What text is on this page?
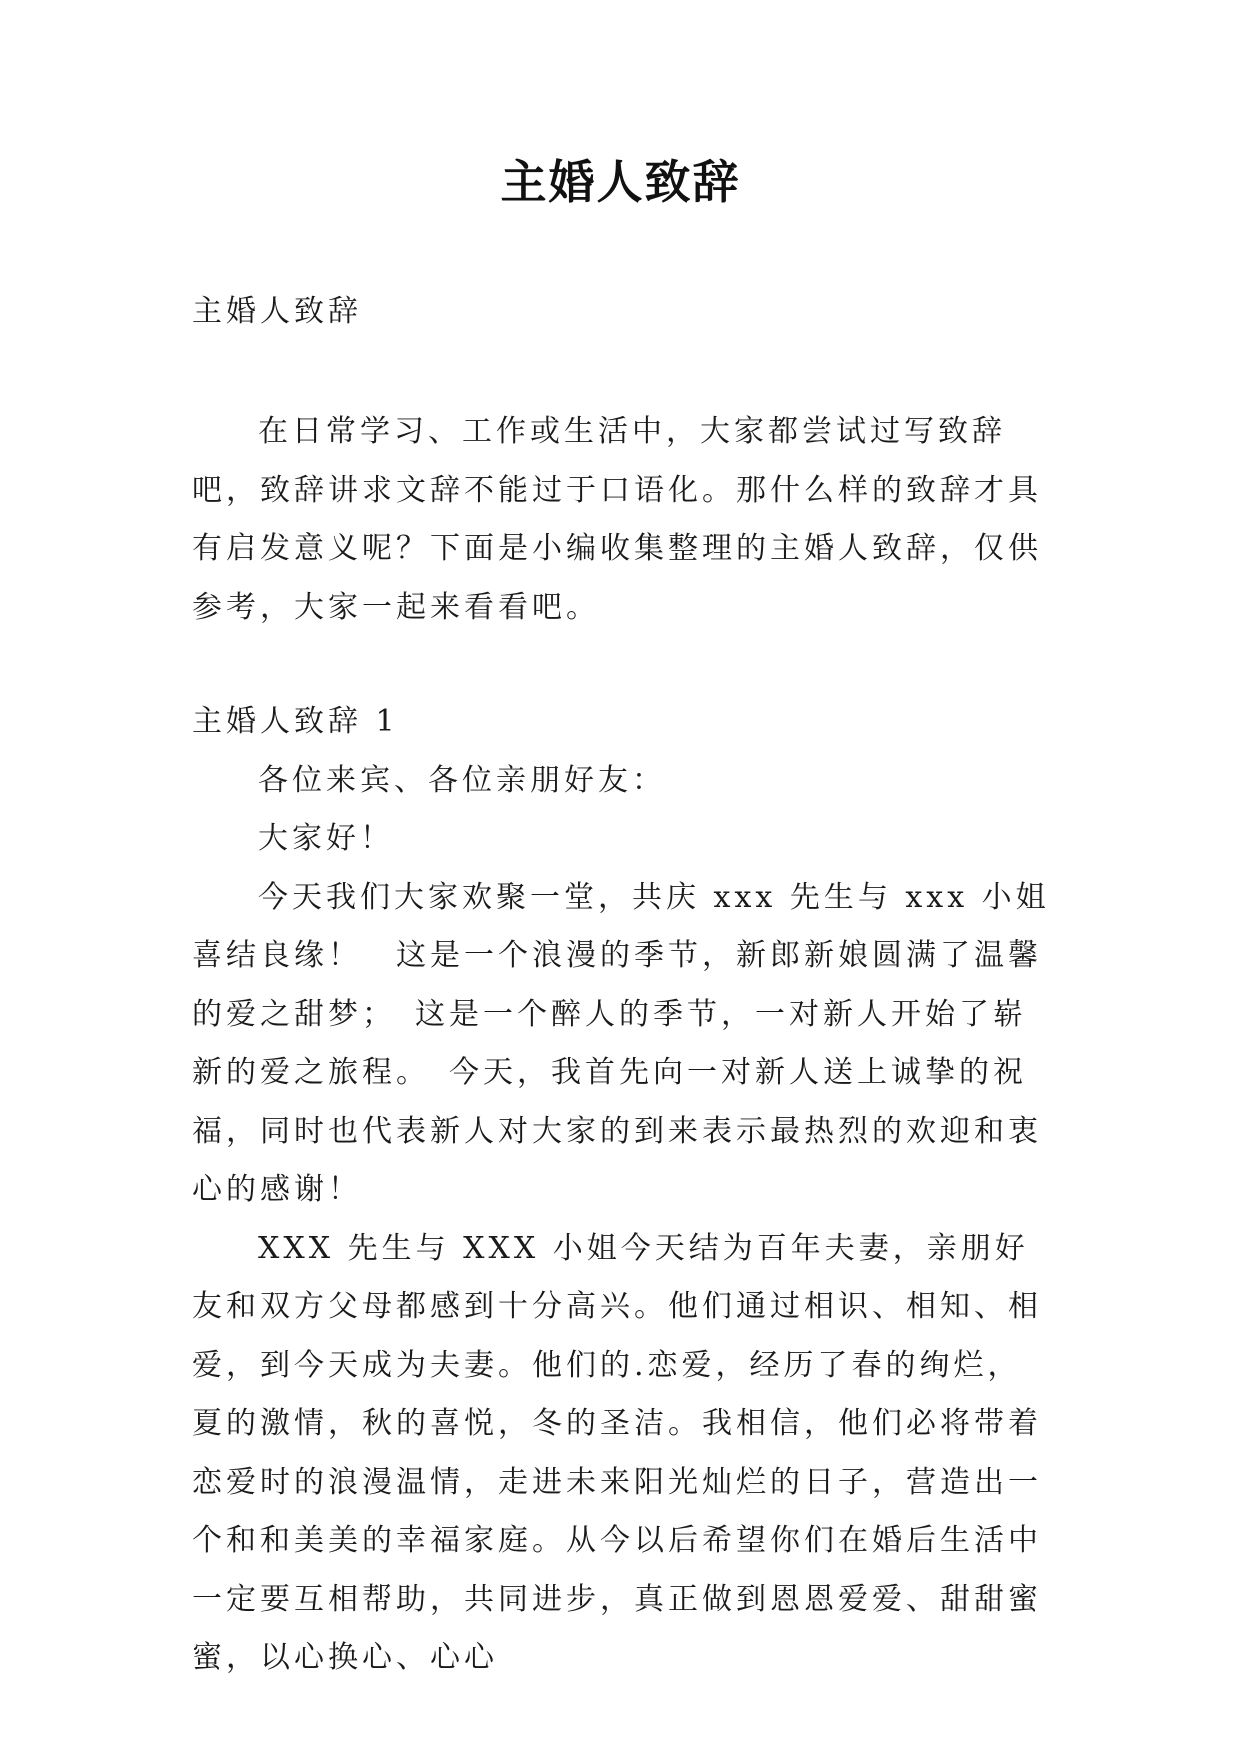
主婚人致辞
主婚人致辞

在日常学习、工作或生活中，大家都尝试过写致辞吧，致辞讲求文辞不能过于口语化。那什么样的致辞才具有启发意义呢？下面是小编收集整理的主婚人致辞，仅供参考，大家一起来看看吧。

主婚人致辞 1

各位来宾、各位亲朋好友：

大家好！

今天我们大家欢聚一堂，共庆 xxx 先生与 xxx 小姐喜结良缘！　这是一个浪漫的季节，新郎新娘圆满了温馨的爱之甜梦；　这是一个醉人的季节，一对新人开始了崭新的爱之旅程。　今天，我首先向一对新人送上诚挚的祝福，同时也代表新人对大家的到来表示最热烈的欢迎和衷心的感谢！

XXX 先生与 XXX 小姐今天结为百年夫妻，亲朋好友和双方父母都感到十分高兴。他们通过相识、相知、相爱，到今天成为夫妻。他们的.恋爱，经历了春的绚烂，夏的激情，秋的喜悦，冬的圣洁。我相信，他们必将带着恋爱时的浪漫温情，走进未来阳光灿烂的日子，营造出一个和和美美的幸福家庭。从今以后希望你们在婚后生活中一定要互相帮助，共同进步，真正做到恩恩爱爱、甜甜蜜蜜，以心换心、心心
